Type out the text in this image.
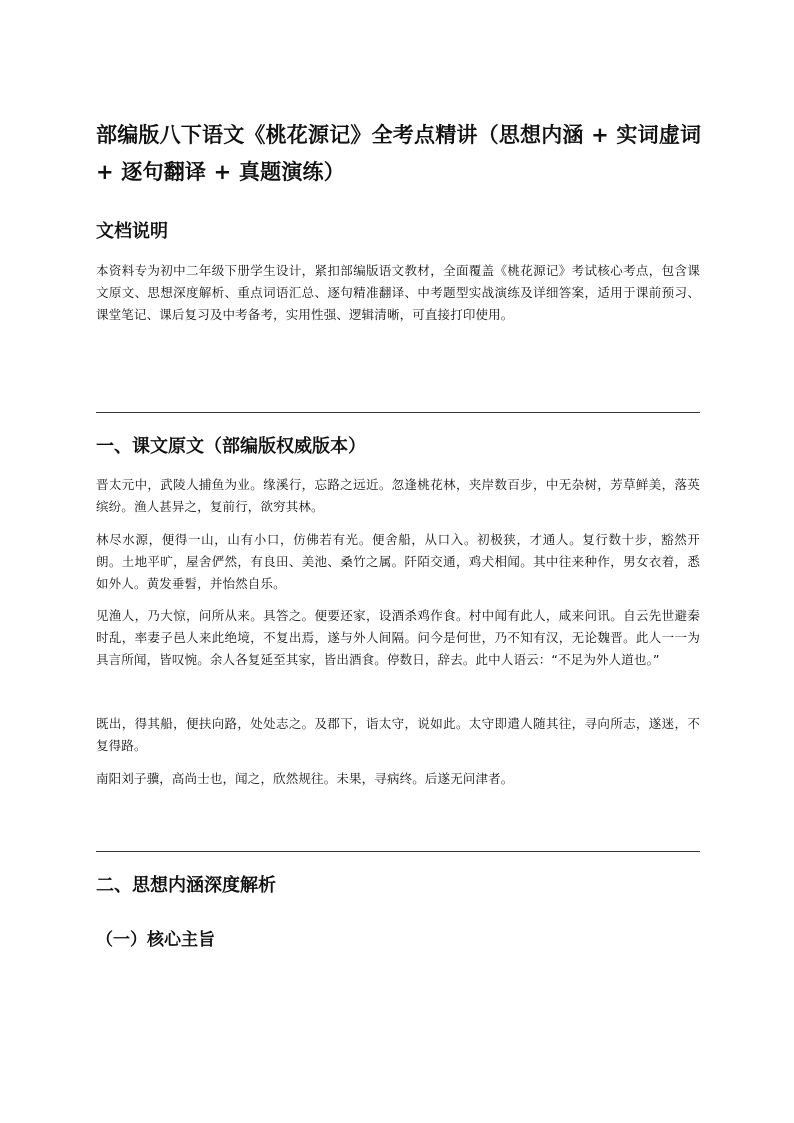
部编版八下语文《桃花源记》全考点精讲（思想内涵 + 实词虚词 + 逐句翻译 + 真题演练）
文档说明

本资料专为初中二年级下册学生设计，紧扣部编版语文教材，全面覆盖《桃花源记》考试核心考点，包含课文原文、思想深度解析、重点词语汇总、逐句精准翻译、中考题型实战演练及详细答案，适用于课前预习、课堂笔记、课后复习及中考备考，实用性强、逻辑清晰，可直接打印使用。

一、课文原文（部编版权威版本）

晋太元中，武陵人捕鱼为业。缘溪行，忘路之远近。忽逢桃花林，夹岸数百步，中无杂树，芳草鲜美，落英缤纷。渔人甚异之，复前行，欲穷其林。

林尽水源，便得一山，山有小口，仿佛若有光。便舍船，从口入。初极狭，才通人。复行数十步，豁然开朗。土地平旷，屋舍俨然，有良田、美池、桑竹之属。阡陌交通，鸡犬相闻。其中往来种作，男女衣着，悉如外人。黄发垂髫，并怡然自乐。

见渔人，乃大惊，问所从来。具答之。便要还家，设酒杀鸡作食。村中闻有此人，咸来问讯。自云先世避秦时乱，率妻子邑人来此绝境，不复出焉，遂与外人间隔。问今是何世，乃不知有汉，无论魏晋。此人一一为具言所闻，皆叹惋。余人各复延至其家，皆出酒食。停数日，辞去。此中人语云：“不足为外人道也。”

既出，得其船，便扶向路，处处志之。及郡下，诣太守，说如此。太守即遣人随其往，寻向所志，遂迷，不复得路。

南阳刘子骥，高尚士也，闻之，欣然规往。未果，寻病终。后遂无问津者。

二、思想内涵深度解析
（一）核心主旨
